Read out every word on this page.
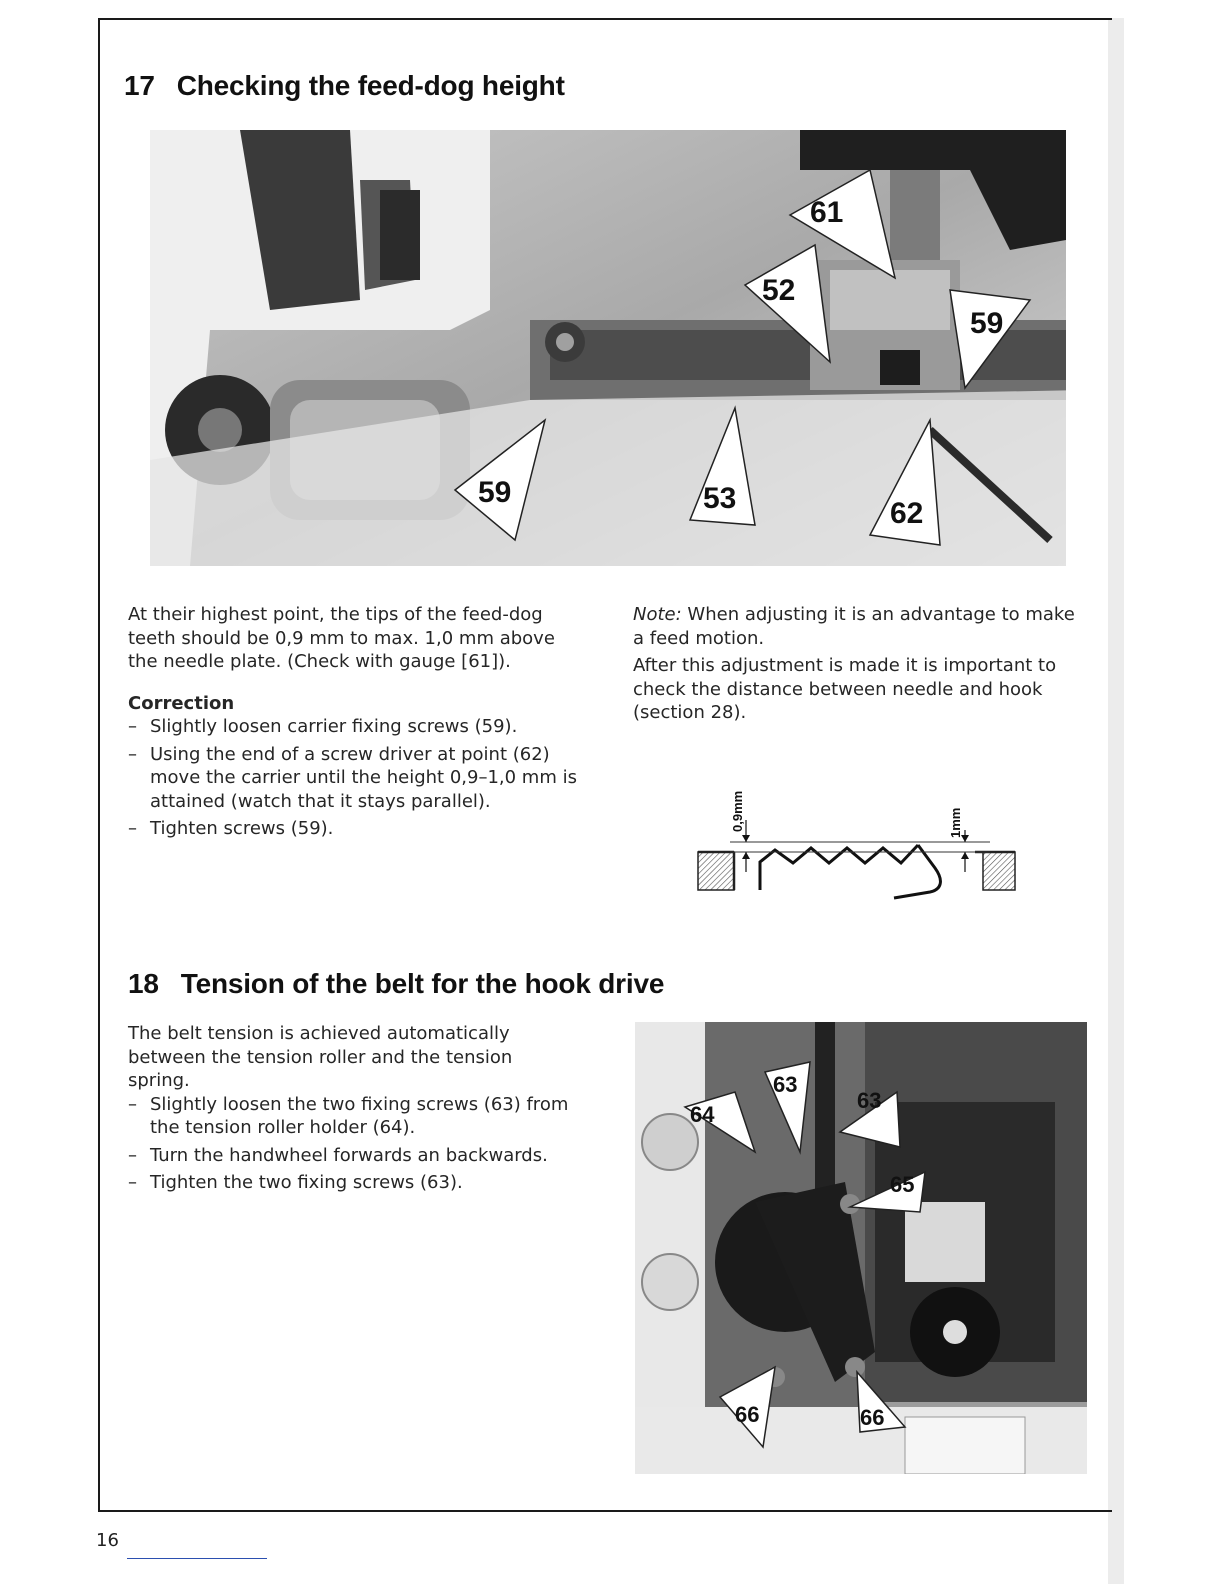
17 Checking the feed-dog height
61
52
59
59	53	62

At their highest point, the tips of the feed-dog teeth should be 0,9 mm to max. 1,0 mm above the needle plate. (Check with gauge [61]).

Correction

– Slightly loosen carrier fixing screws (59).
– Using the end of a screw driver at point (62) move the carrier until the height 0,9–1,0 mm is attained (watch that it stays parallel).
– Tighten screws (59).

Note: When adjusting it is an advantage to make a feed motion.

After this adjustment is made it is important to check the distance between needle and hook (section 28).

0,9mm	1mm
18 Tension of the belt for the hook drive

The belt tension is achieved automatically between the tension roller and the tension spring.

– Slightly loosen the two fixing screws (63) from the tension roller holder (64).
– Turn the handwheel forwards an backwards.
– Tighten the two fixing screws (63).
63
63
64
65
66	66
16
